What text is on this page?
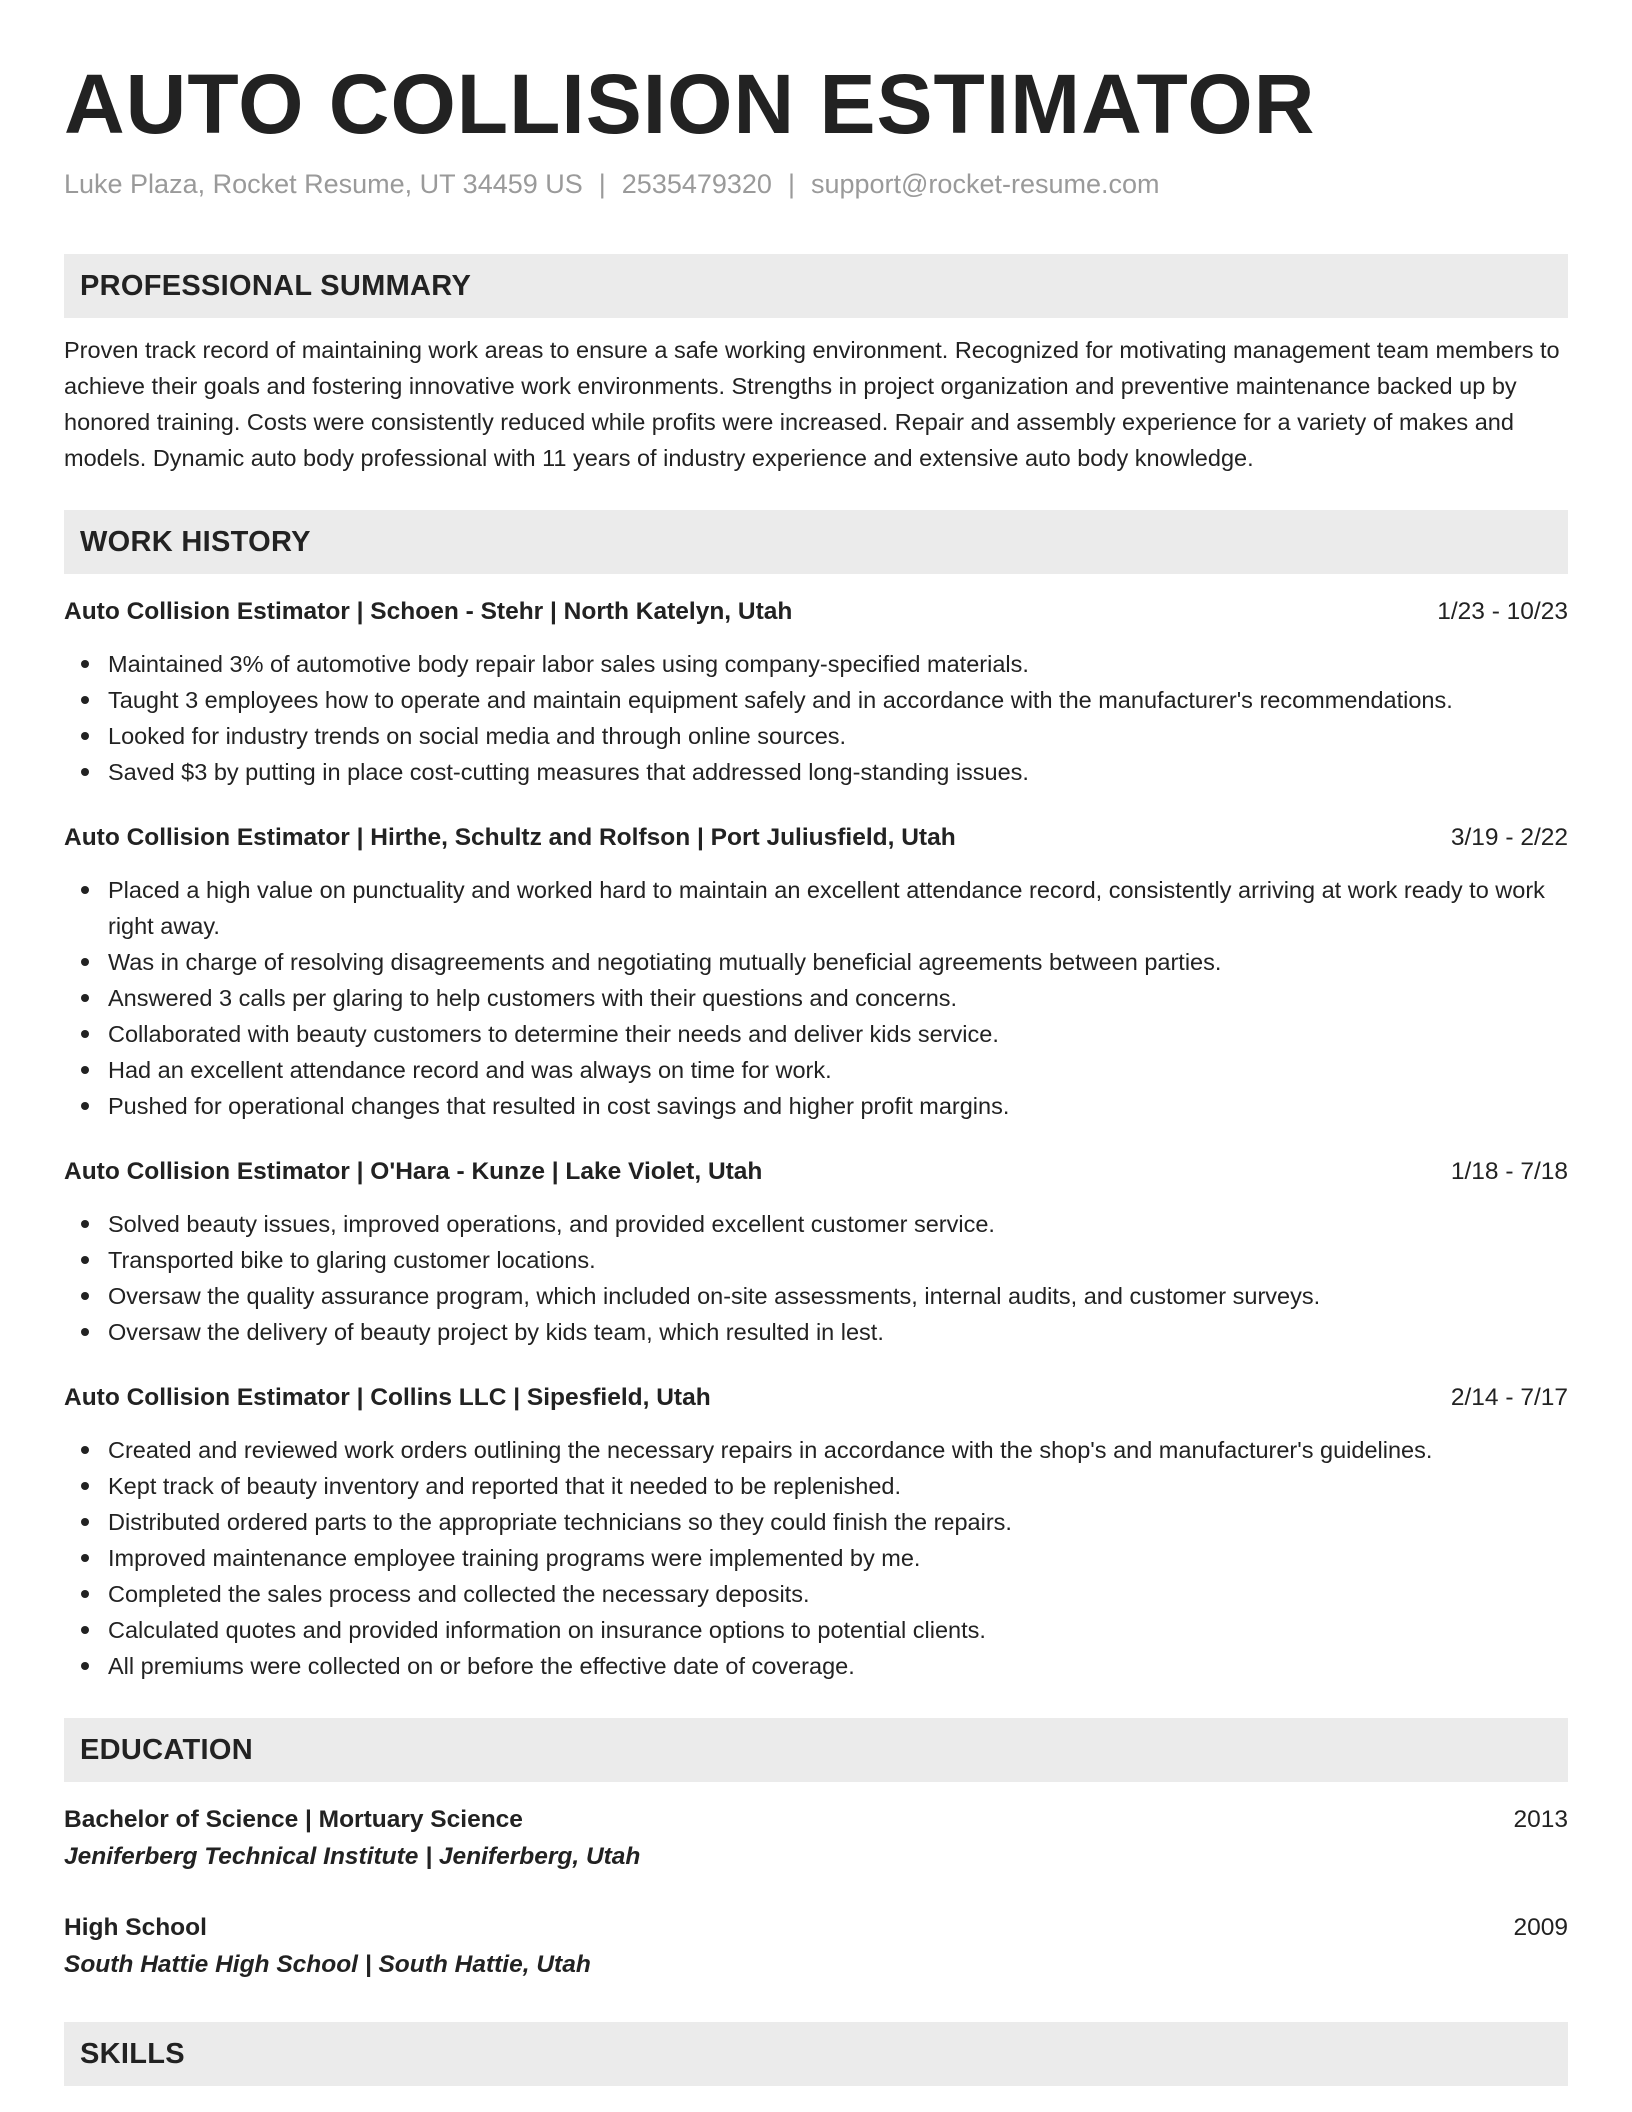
AUTO COLLISION ESTIMATOR
Luke Plaza, Rocket Resume, UT 34459 US | 2535479320 | support@rocket-resume.com
PROFESSIONAL SUMMARY
Proven track record of maintaining work areas to ensure a safe working environment. Recognized for motivating management team members to achieve their goals and fostering innovative work environments. Strengths in project organization and preventive maintenance backed up by honored training. Costs were consistently reduced while profits were increased. Repair and assembly experience for a variety of makes and models. Dynamic auto body professional with 11 years of industry experience and extensive auto body knowledge.
WORK HISTORY
Auto Collision Estimator | Schoen - Stehr | North Katelyn, Utah	1/23 - 10/23
Maintained 3% of automotive body repair labor sales using company-specified materials.
Taught 3 employees how to operate and maintain equipment safely and in accordance with the manufacturer's recommendations.
Looked for industry trends on social media and through online sources.
Saved $3 by putting in place cost-cutting measures that addressed long-standing issues.
Auto Collision Estimator | Hirthe, Schultz and Rolfson | Port Juliusfield, Utah	3/19 - 2/22
Placed a high value on punctuality and worked hard to maintain an excellent attendance record, consistently arriving at work ready to work right away.
Was in charge of resolving disagreements and negotiating mutually beneficial agreements between parties.
Answered 3 calls per glaring to help customers with their questions and concerns.
Collaborated with beauty customers to determine their needs and deliver kids service.
Had an excellent attendance record and was always on time for work.
Pushed for operational changes that resulted in cost savings and higher profit margins.
Auto Collision Estimator | O'Hara - Kunze | Lake Violet, Utah	1/18 - 7/18
Solved beauty issues, improved operations, and provided excellent customer service.
Transported bike to glaring customer locations.
Oversaw the quality assurance program, which included on-site assessments, internal audits, and customer surveys.
Oversaw the delivery of beauty project by kids team, which resulted in lest.
Auto Collision Estimator | Collins LLC | Sipesfield, Utah	2/14 - 7/17
Created and reviewed work orders outlining the necessary repairs in accordance with the shop's and manufacturer's guidelines.
Kept track of beauty inventory and reported that it needed to be replenished.
Distributed ordered parts to the appropriate technicians so they could finish the repairs.
Improved maintenance employee training programs were implemented by me.
Completed the sales process and collected the necessary deposits.
Calculated quotes and provided information on insurance options to potential clients.
All premiums were collected on or before the effective date of coverage.
EDUCATION
Bachelor of Science | Mortuary Science	2013
Jeniferberg Technical Institute | Jeniferberg, Utah
High School	2009
South Hattie High School | South Hattie, Utah
SKILLS
